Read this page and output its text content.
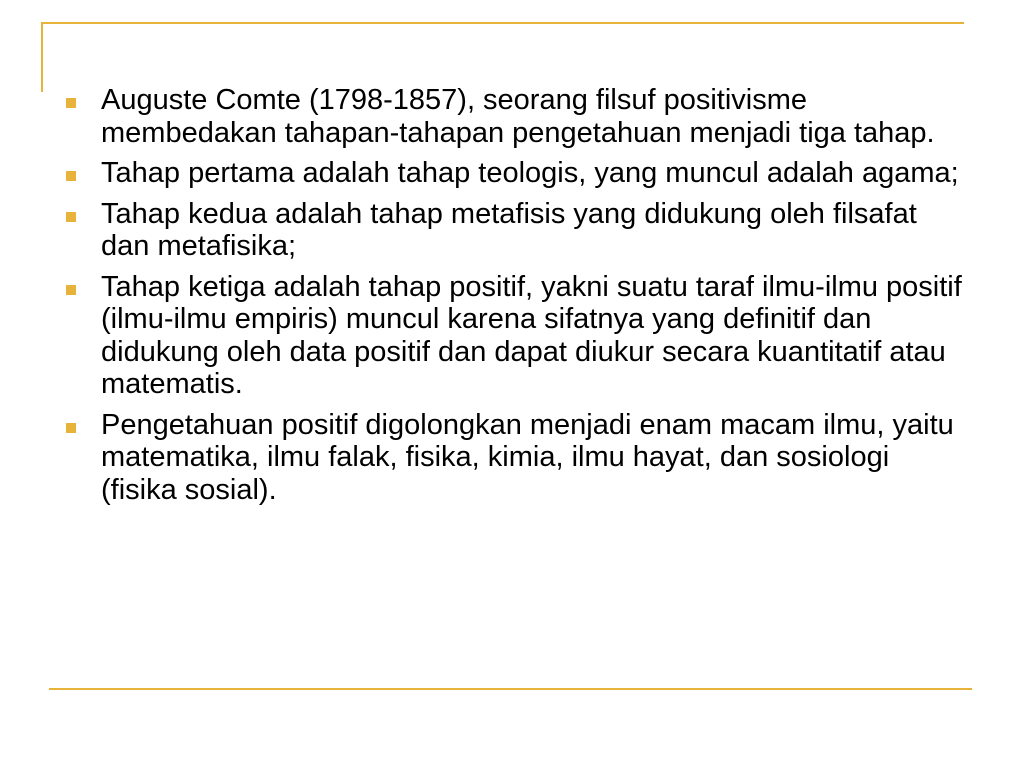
Auguste Comte (1798-1857), seorang filsuf positivisme membedakan tahapan-tahapan pengetahuan menjadi tiga tahap.
Tahap pertama adalah tahap teologis, yang muncul adalah agama;
Tahap kedua adalah tahap metafisis yang didukung oleh filsafat dan metafisika;
Tahap ketiga adalah tahap positif, yakni suatu taraf ilmu-ilmu positif (ilmu-ilmu empiris) muncul karena sifatnya yang definitif dan didukung oleh data positif dan dapat diukur secara kuantitatif atau matematis.
Pengetahuan positif digolongkan menjadi enam macam ilmu, yaitu matematika, ilmu falak, fisika, kimia, ilmu hayat, dan sosiologi (fisika sosial).
